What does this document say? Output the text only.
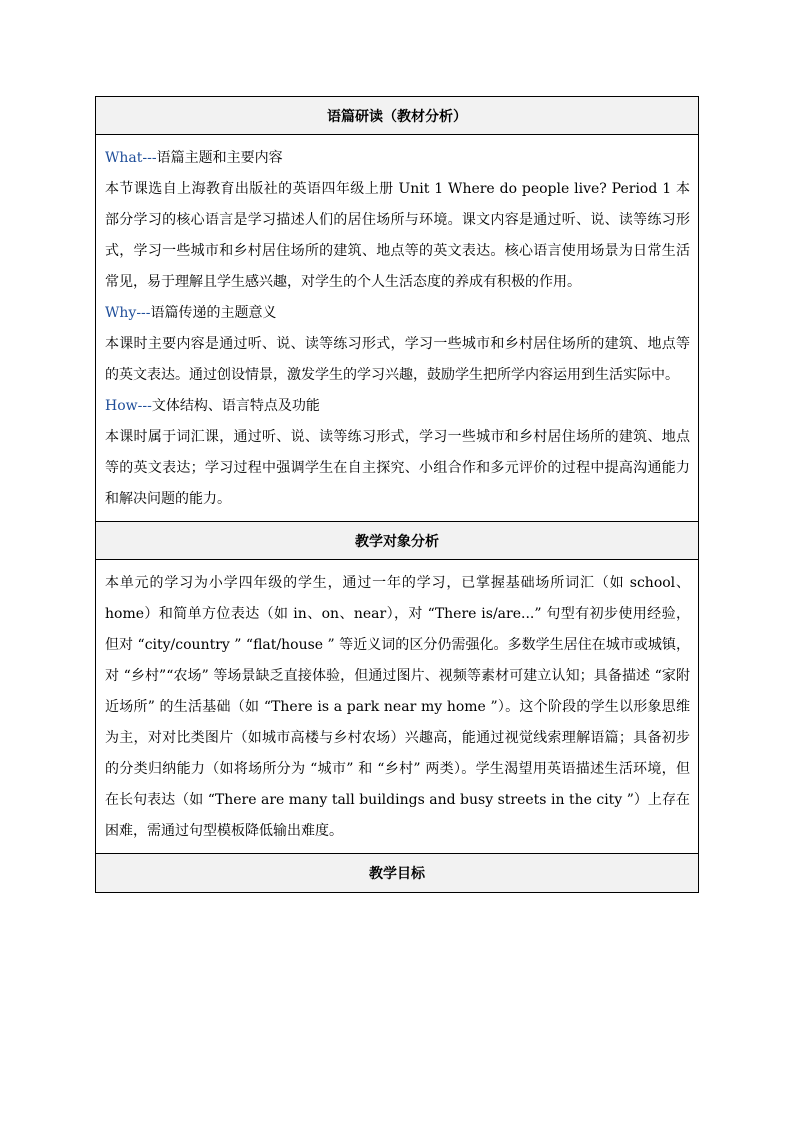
语篇研读（教材分析）

What---语篇主题和主要内容

本节课选自上海教育出版社的英语四年级上册 Unit 1 Where do people live? Period 1 本部分学习的核心语言是学习描述人们的居住场所与环境。课文内容是通过听、说、读等练习形式，学习一些城市和乡村居住场所的建筑、地点等的英文表达。核心语言使用场景为日常生活常见，易于理解且学生感兴趣，对学生的个人生活态度的养成有积极的作用。

Why---语篇传递的主题意义

本课时主要内容是通过听、说、读等练习形式，学习一些城市和乡村居住场所的建筑、地点等的英文表达。通过创设情景，激发学生的学习兴趣，鼓励学生把所学内容运用到生活实际中。

How---文体结构、语言特点及功能

本课时属于词汇课，通过听、说、读等练习形式，学习一些城市和乡村居住场所的建筑、地点等的英文表达；学习过程中强调学生在自主探究、小组合作和多元评价的过程中提高沟通能力和解决问题的能力。

教学对象分析

本单元的学习为小学四年级的学生，通过一年的学习，已掌握基础场所词汇（如 school、home）和简单方位表达（如 in、on、near），对 “There is/are...” 句型有初步使用经验，但对 “city/country ” “flat/house ” 等近义词的区分仍需强化。多数学生居住在城市或城镇，对 “乡村”“农场” 等场景缺乏直接体验，但通过图片、视频等素材可建立认知；具备描述 “家附近场所” 的生活基础（如 “There is a park near my home ”）。这个阶段的学生以形象思维为主，对对比类图片（如城市高楼与乡村农场）兴趣高，能通过视觉线索理解语篇；具备初步的分类归纳能力（如将场所分为 “城市” 和 “乡村” 两类）。学生渴望用英语描述生活环境，但在长句表达（如 “There are many tall buildings and busy streets in the city ”）上存在困难，需通过句型模板降低输出难度。

教学目标
